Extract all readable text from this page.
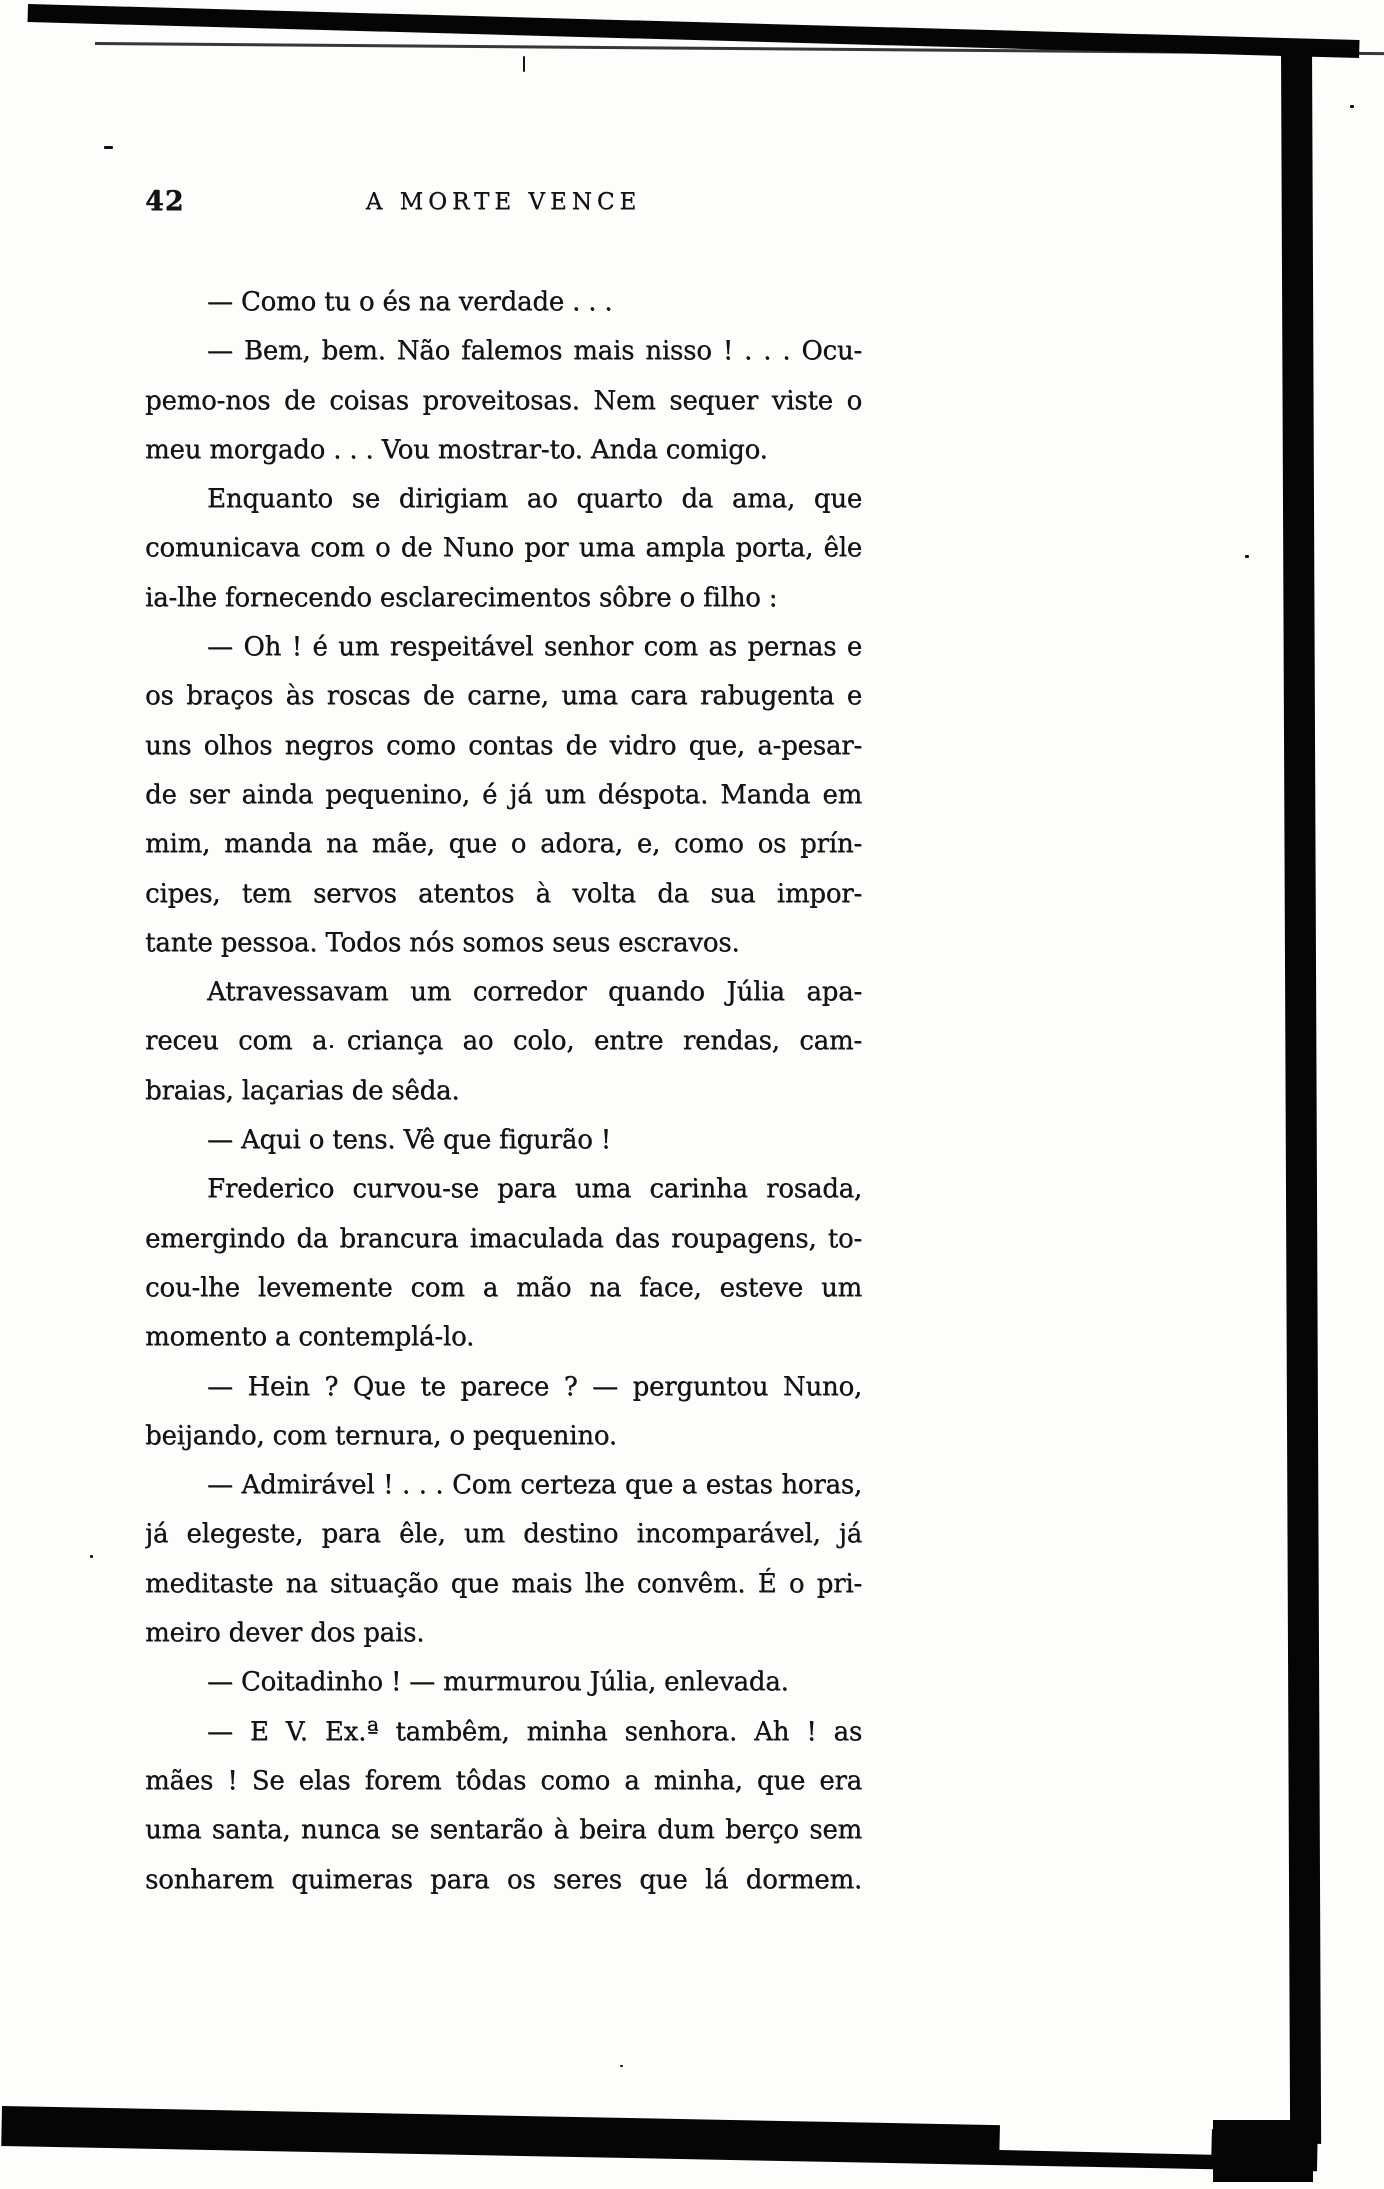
42	A MORTE VENCE
— Como tu o és na verdade . . .
— Bem, bem. Não falemos mais nisso ! . . . Ocu-
pemo-nos de coisas proveitosas. Nem sequer viste o
meu morgado . . . Vou mostrar-to. Anda comigo.
Enquanto se dirigiam ao quarto da ama, que
comunicava com o de Nuno por uma ampla porta, êle
ia-lhe fornecendo esclarecimentos sôbre o filho :
— Oh ! é um respeitável senhor com as pernas e
os braços às roscas de carne, uma cara rabugenta e
uns olhos negros como contas de vidro que, a-pesar-
de ser ainda pequenino, é já um déspota. Manda em
mim, manda na mãe, que o adora, e, como os prín-
cipes, tem servos atentos à volta da sua impor-
tante pessoa. Todos nós somos seus escravos.
Atravessavam um corredor quando Júlia apa-
receu com a criança ao colo, entre rendas, cam-
braias, laçarias de sêda.
— Aqui o tens. Vê que figurão !
Frederico curvou-se para uma carinha rosada,
emergindo da brancura imaculada das roupagens, to-
cou-lhe levemente com a mão na face, esteve um
momento a contemplá-lo.
— Hein ? Que te parece ? — perguntou Nuno,
beijando, com ternura, o pequenino.
— Admirável ! . . . Com certeza que a estas horas,
já elegeste, para êle, um destino incomparável, já
meditaste na situação que mais lhe convêm. É o pri-
meiro dever dos pais.
— Coitadinho ! — murmurou Júlia, enlevada.
— E V. Ex.ª tambêm, minha senhora. Ah ! as
mães ! Se elas forem tôdas como a minha, que era
uma santa, nunca se sentarão à beira dum berço sem
sonharem quimeras para os seres que lá dormem.
